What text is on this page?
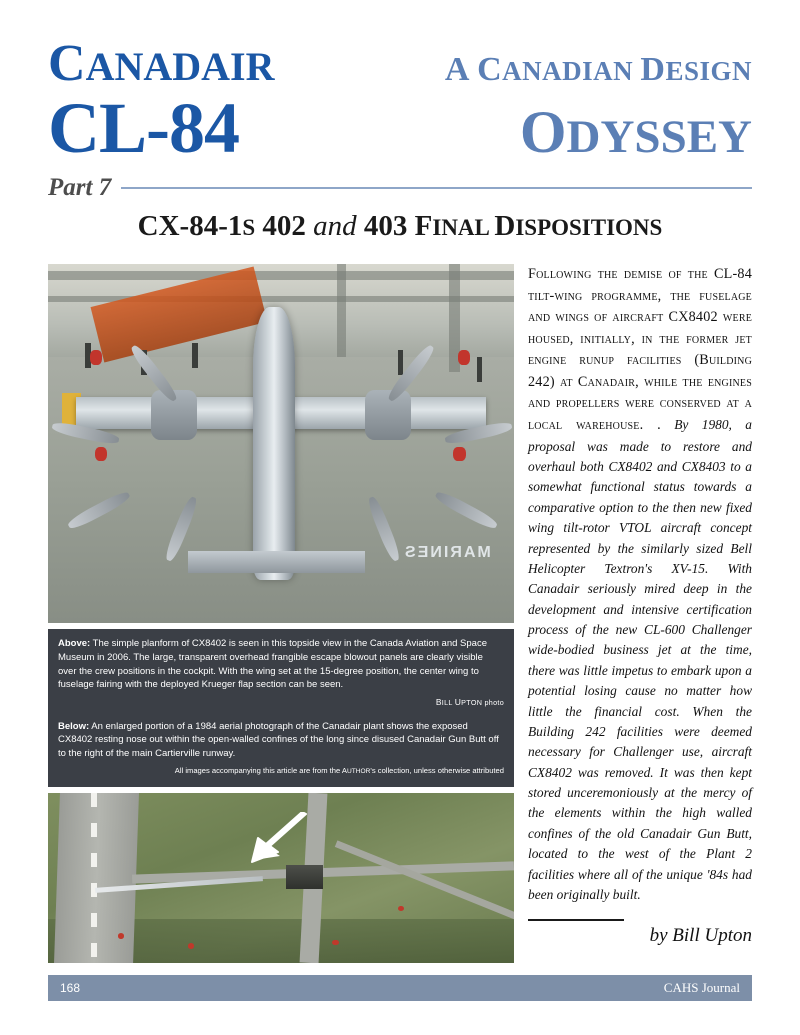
CANADAIR	A CANADIAN DESIGN
CL-84	ODYSSEY
Part 7
CX-84-1S 402 and 403 FINAL DISPOSITIONS
MARINES

Above: The simple planform of CX8402 is seen in this topside view in the Canada Aviation and Space Museum in 2006. The large, transparent overhead frangible escape blowout panels are clearly visible over the crew positions in the cockpit. With the wing set at the 15-degree position, the center wing to fuselage fairing with the deployed Krueger flap section can be seen.

BILL UPTON photo

Below: An enlarged portion of a 1984 aerial photograph of the Canadair plant shows the exposed CX8402 resting nose out within the open-walled confines of the long since disused Canadair Gun Butt off to the right of the main Cartierville runway.

All images accompanying this article are from the AUTHOR's collection, unless otherwise attributed

Following the demise of the CL-84 tilt-wing programme, the fuselage and wings of aircraft CX8402 were housed, initially, in the former jet engine runup facilities (Building 242) at Canadair, while the engines and propellers were conserved at a local warehouse. . By 1980, a proposal was made to restore and overhaul both CX8402 and CX8403 to a somewhat functional status towards a comparative option to the then new fixed wing tilt-rotor VTOL aircraft concept represented by the similarly sized Bell Helicopter Textron's XV-15. With Canadair seriously mired deep in the development and intensive certification process of the new CL-600 Challenger wide-bodied business jet at the time, there was little impetus to embark upon a potential losing cause no matter how little the financial cost. When the Building 242 facilities were deemed necessary for Challenger use, aircraft CX8402 was removed. It was then kept stored unceremoniously at the mercy of the elements within the high walled confines of the old Canadair Gun Butt, located to the west of the Plant 2 facilities where all of the unique '84s had been originally built.
by Bill Upton
168	CAHS Journal
